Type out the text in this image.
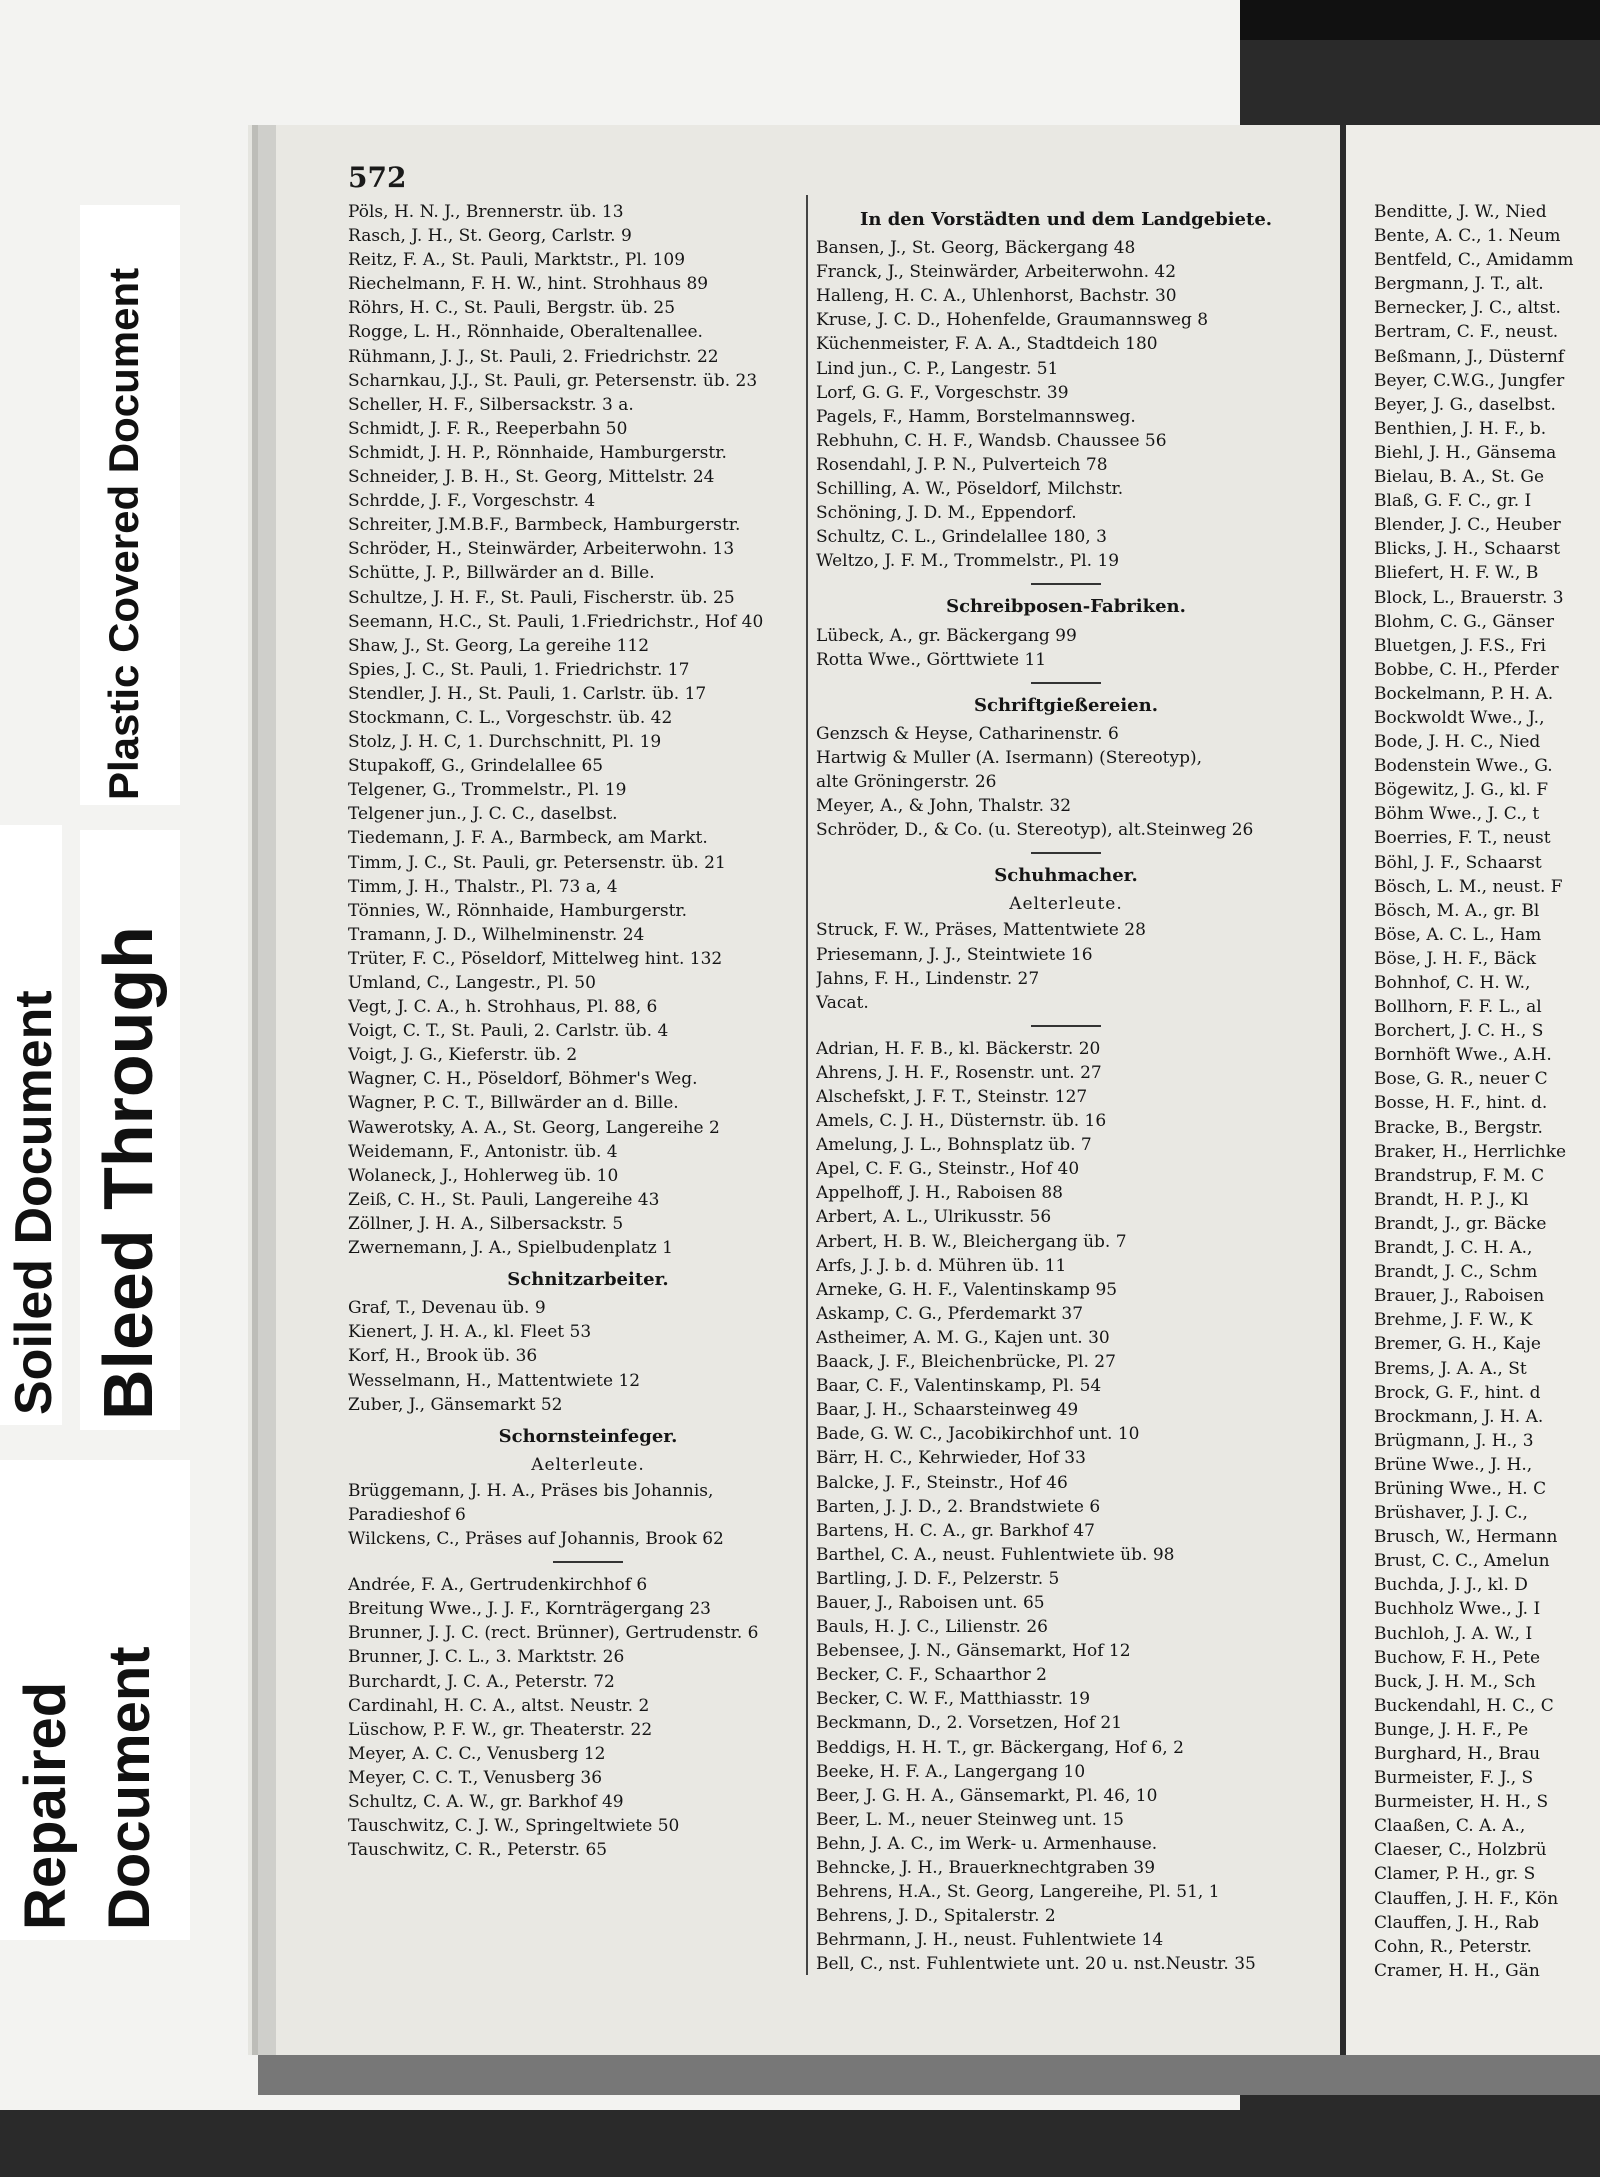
Soiled Document Bleed Through
Plastic Covered Document
Repaired Document
572
Pöls, H. N. J., Brennerstr. üb. 13
Rasch, J. H., St. Georg, Carlstr. 9
Reitz, F. A., St. Pauli, Marktstr., Pl. 109
Riechelmann, F. H. W., hint. Strohhaus 89
Röhrs, H. C., St. Pauli, Bergstr. üb. 25
Rogge, L. H., Rönnhaide, Oberaltenallee.
Rühmann, J. J., St. Pauli, 2. Friedrichstr. 22
Scharnkau, J.J., St. Pauli, gr. Petersenstr. üb. 23
Scheller, H. F., Silbersackstr. 3 a.
Schmidt, J. F. R., Reeperbahn 50
Schmidt, J. H. P., Rönnhaide, Hamburgerstr.
Schneider, J. B. H., St. Georg, Mittelstr. 24
Schrdde, J. F., Vorgeschstr. 4
Schreiter, J.M.B.F., Barmbeck, Hamburgerstr.
Schröder, H., Steinwärder, Arbeiterwohn. 13
Schütte, J. P., Billwärder an d. Bille.
Schultze, J. H. F., St. Pauli, Fischerstr. üb. 25
Seemann, H.C., St. Pauli, 1.Friedrichstr., Hof 40
Shaw, J., St. Georg, La gereihe 112
Spies, J. C., St. Pauli, 1. Friedrichstr. 17
Stendler, J. H., St. Pauli, 1. Carlstr. üb. 17
Stockmann, C. L., Vorgeschstr. üb. 42
Stolz, J. H. C, 1. Durchschnitt, Pl. 19
Stupakoff, G., Grindelallee 65
Telgener, G., Trommelstr., Pl. 19
Telgener jun., J. C. C., daselbst.
Tiedemann, J. F. A., Barmbeck, am Markt.
Timm, J. C., St. Pauli, gr. Petersenstr. üb. 21
Timm, J. H., Thalstr., Pl. 73 a, 4
Tönnies, W., Rönnhaide, Hamburgerstr.
Tramann, J. D., Wilhelminenstr. 24
Trüter, F. C., Pöseldorf, Mittelweg hint. 132
Umland, C., Langestr., Pl. 50
Vegt, J. C. A., h. Strohhaus, Pl. 88, 6
Voigt, C. T., St. Pauli, 2. Carlstr. üb. 4
Voigt, J. G., Kieferstr. üb. 2
Wagner, C. H., Pöseldorf, Böhmer's Weg.
Wagner, P. C. T., Billwärder an d. Bille.
Wawerotsky, A. A., St. Georg, Langereihe 2
Weidemann, F., Antonistr. üb. 4
Wolaneck, J., Hohlerweg üb. 10
Zeiß, C. H., St. Pauli, Langereihe 43
Zöllner, J. H. A., Silbersackstr. 5
Zwernemann, J. A., Spielbudenplatz 1
Schnitzarbeiter.
Graf, T., Devenau üb. 9
Kienert, J. H. A., kl. Fleet 53
Korf, H., Brook üb. 36
Wesselmann, H., Mattentwiete 12
Zuber, J., Gänsemarkt 52
Schornsteinfeger.
Aelterleute.
Brüggemann, J. H. A., Präses bis Johannis,
Paradieshof 6
Wilckens, C., Präses auf Johannis, Brook 62
Andrée, F. A., Gertrudenkirchhof 6
Breitung Wwe., J. J. F., Kornträgergang 23
Brunner, J. J. C. (rect. Brünner), Gertrudenstr. 6
Brunner, J. C. L., 3. Marktstr. 26
Burchardt, J. C. A., Peterstr. 72
Cardinahl, H. C. A., altst. Neustr. 2
Lüschow, P. F. W., gr. Theaterstr. 22
Meyer, A. C. C., Venusberg 12
Meyer, C. C. T., Venusberg 36
Schultz, C. A. W., gr. Barkhof 49
Tauschwitz, C. J. W., Springeltwiete 50
Tauschwitz, C. R., Peterstr. 65
In den Vorstädten und dem Landgebiete.
Bansen, J., St. Georg, Bäckergang 48
Franck, J., Steinwärder, Arbeiterwohn. 42
Halleng, H. C. A., Uhlenhorst, Bachstr. 30
Kruse, J. C. D., Hohenfelde, Graumannsweg 8
Küchenmeister, F. A. A., Stadtdeich 180
Lind jun., C. P., Langestr. 51
Lorf, G. G. F., Vorgeschstr. 39
Pagels, F., Hamm, Borstelmannsweg.
Rebhuhn, C. H. F., Wandsb. Chaussee 56
Rosendahl, J. P. N., Pulverteich 78
Schilling, A. W., Pöseldorf, Milchstr.
Schöning, J. D. M., Eppendorf.
Schultz, C. L., Grindelallee 180, 3
Weltzo, J. F. M., Trommelstr., Pl. 19
Schreibposen-Fabriken.
Lübeck, A., gr. Bäckergang 99
Rotta Wwe., Görttwiete 11
Schriftgießereien.
Genzsch & Heyse, Catharinenstr. 6
Hartwig & Muller (A. Isermann) (Stereotyp),
alte Gröningerstr. 26
Meyer, A., & John, Thalstr. 32
Schröder, D., & Co. (u. Stereotyp), alt.Steinweg 26
Schuhmacher.
Aelterleute.
Struck, F. W., Präses, Mattentwiete 28
Priesemann, J. J., Steintwiete 16
Jahns, F. H., Lindenstr. 27
Vacat.
Adrian, H. F. B., kl. Bäckerstr. 20
Ahrens, J. H. F., Rosenstr. unt. 27
Alschefskt, J. F. T., Steinstr. 127
Amels, C. J. H., Düsternstr. üb. 16
Amelung, J. L., Bohnsplatz üb. 7
Apel, C. F. G., Steinstr., Hof 40
Appelhoff, J. H., Raboisen 88
Arbert, A. L., Ulrikusstr. 56
Arbert, H. B. W., Bleichergang üb. 7
Arfs, J. J. b. d. Mühren üb. 11
Arneke, G. H. F., Valentinskamp 95
Askamp, C. G., Pferdemarkt 37
Astheimer, A. M. G., Kajen unt. 30
Baack, J. F., Bleichenbrücke, Pl. 27
Baar, C. F., Valentinskamp, Pl. 54
Baar, J. H., Schaarsteinweg 49
Bade, G. W. C., Jacobikirchhof unt. 10
Bärr, H. C., Kehrwieder, Hof 33
Balcke, J. F., Steinstr., Hof 46
Barten, J. J. D., 2. Brandstwiete 6
Bartens, H. C. A., gr. Barkhof 47
Barthel, C. A., neust. Fuhlentwiete üb. 98
Bartling, J. D. F., Pelzerstr. 5
Bauer, J., Raboisen unt. 65
Bauls, H. J. C., Lilienstr. 26
Bebensee, J. N., Gänsemarkt, Hof 12
Becker, C. F., Schaarthor 2
Becker, C. W. F., Matthiasstr. 19
Beckmann, D., 2. Vorsetzen, Hof 21
Beddigs, H. H. T., gr. Bäckergang, Hof 6, 2
Beeke, H. F. A., Langergang 10
Beer, J. G. H. A., Gänsemarkt, Pl. 46, 10
Beer, L. M., neuer Steinweg unt. 15
Behn, J. A. C., im Werk- u. Armenhause.
Behncke, J. H., Brauerknechtgraben 39
Behrens, H.A., St. Georg, Langereihe, Pl. 51, 1
Behrens, J. D., Spitalerstr. 2
Behrmann, J. H., neust. Fuhlentwiete 14
Bell, C., nst. Fuhlentwiete unt. 20 u. nst.Neustr. 35
Benditte, J. W., Nied
Bente, A. C., 1. Neum
Bentfeld, C., Amidamm
Bergmann, J. T., alt.
Bernecker, J. C., altst.
Bertram, C. F., neust.
Beßmann, J., Düsternf
Beyer, C.W.G., Jungfer
Beyer, J. G., daselbst.
Benthien, J. H. F., b.
Biehl, J. H., Gänsema
Bielau, B. A., St. Ge
Blaß, G. F. C., gr. I
Blender, J. C., Heuber
Blicks, J. H., Schaarst
Bliefert, H. F. W., B
Block, L., Brauerstr. 3
Blohm, C. G., Gänser
Bluetgen, J. F.S., Fri
Bobbe, C. H., Pferder
Bockelmann, P. H. A.
Bockwoldt Wwe., J.,
Bode, J. H. C., Nied
Bodenstein Wwe., G.
Bögewitz, J. G., kl. F
Böhm Wwe., J. C., t
Boerries, F. T., neust
Böhl, J. F., Schaarst
Bösch, L. M., neust. F
Bösch, M. A., gr. Bl
Böse, A. C. L., Ham
Böse, J. H. F., Bäck
Bohnhof, C. H. W.,
Bollhorn, F. F. L., al
Borchert, J. C. H., S
Bornhöft Wwe., A.H.
Bose, G. R., neuer C
Bosse, H. F., hint. d.
Bracke, B., Bergstr.
Braker, H., Herrlichke
Brandstrup, F. M. C
Brandt, H. P. J., Kl
Brandt, J., gr. Bäcke
Brandt, J. C. H. A.,
Brandt, J. C., Schm
Brauer, J., Raboisen
Brehme, J. F. W., K
Bremer, G. H., Kaje
Brems, J. A. A., St
Brock, G. F., hint. d
Brockmann, J. H. A.
Brügmann, J. H., 3
Brüne Wwe., J. H.,
Brüning Wwe., H. C
Brüshaver, J. J. C.,
Brusch, W., Hermann
Brust, C. C., Amelun
Buchda, J. J., kl. D
Buchholz Wwe., J. I
Buchloh, J. A. W., I
Buchow, F. H., Pete
Buck, J. H. M., Sch
Buckendahl, H. C., C
Bunge, J. H. F., Pe
Burghard, H., Brau
Burmeister, F. J., S
Burmeister, H. H., S
Claaßen, C. A. A.,
Claeser, C., Holzbrü
Clamer, P. H., gr. S
Clauffen, J. H. F., Kön
Clauffen, J. H., Rab
Cohn, R., Peterstr.
Cramer, H. H., Gän
